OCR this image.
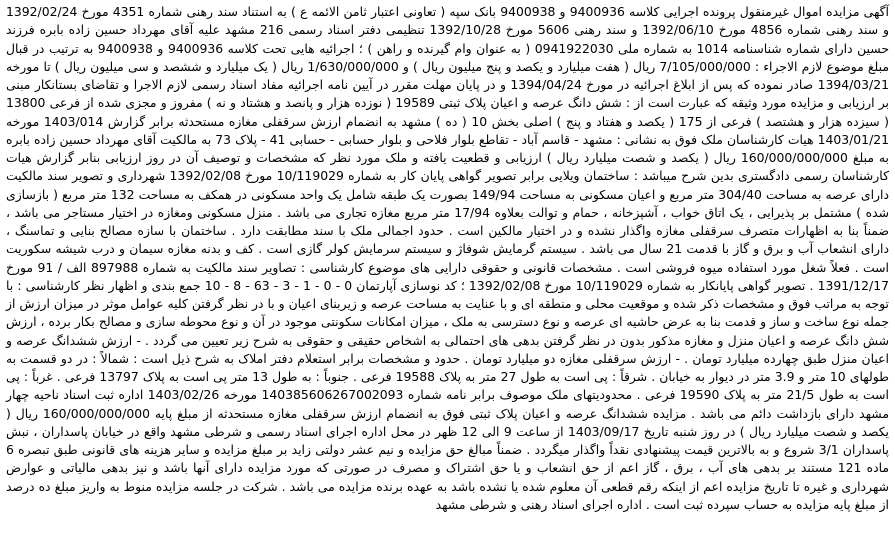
آگهی مزایده اموال غیرمنقول پرونده اجرایی کلاسه 9400936 و 9400938 بانک سپه ( تعاونی اعتبار ثامن الائمه ع ) به استناد سند رهنی شماره 4351 مورخ 1392/02/24 و سند رهنی شماره 4856 مورخ 1392/06/10 و سند رهنی 5606 مورخ 1392/10/28 تنظیمی دفتر اسناد رسمی 216 مشهد علیه آقای مهرداد حسین زاده بابره فرزند حسین دارای شماره شناسنامه 1014 به شماره ملی 0941922030 ( به عنوان وام گیرنده و راهن ) ؛ اجرائیه هایی تحت کلاسه 9400936 و 9400938 به ترتیب در قبال مبلغ موضوع لازم الاجراء : 7/105/000/000 ریال ( هفت میلیارد و یکصد و پنج میلیون ریال ) و 1/630/000/000 ریال ( یک میلیارد و ششصد و سی میلیون ریال ) تا مورخه 1394/03/21 صادر نموده که پس از ابلاغ اجرائیه در مورخ 1394/04/24 و در پایان مهلت مقرر در آیین نامه اجرائیه مفاد اسناد رسمی لازم الاجرا و تقاضای بستانکار مبنی بر ارزیابی و مزایده مورد وثیقه که عبارت است از : شش دانگ عرصه و اعیان پلاک ثبتی 19589 ( نوزده هزار و پانصد و هشتاد و نه ) مفروز و مجزی شده از فرعی 13800 ( سیزده هزار و هشتصد ) فرعی از 175 ( یکصد و هفتاد و پنج ) اصلی بخش 10 ( ده ) مشهد به انضمام ارزش سرقفلی مغازه مستحدثه برابر گزارش 1403/014 مورخه 1403/01/21 هیات کارشناسان ملک فوق به نشانی : مشهد - قاسم آباد - تقاطع بلوار فلاحی و بلوار حسابی - حسابی 41 - پلاک 73 به مالکیت آقای مهرداد حسین زاده بابره به مبلغ 160/000/000/000 ریال ( یکصد و شصت میلیارد ریال ) ارزیابی و قطعیت یافته و ملک مورد نظر که مشخصات و توصیف آن در روز ارزیابی بنابر گزارش هیات کارشناسان رسمی دادگستری بدین شرح میباشد : ساختمان ویلایی برابر تصویر گواهی پایان کار به شماره 10/119029 مورخ 1392/02/08 شهرداری و تصویر سند مالکیت دارای عرصه به مساحت 304/40 متر مربع و اعیان مسکونی به مساحت 149/94 بصورت یک طبقه شامل یک واحد مسکونی در همکف به مساحت 132 متر مربع ( بازسازی شده ) مشتمل بر پذیرایی ، یک اتاق خواب ، آشپزخانه ، حمام و توالت بعلاوه 17/94 متر مربع مغازه تجاری می باشد . منزل مسکونی ومغازه در اختیار مستاجر می باشد ، ضمناً بنا به اظهارات متصرف سرقفلی مغازه واگذار نشده و در اختیار مالکین است . حدود اجمالی ملک با سند مطابقت دارد . ساختمان با سازه مصالح بنایی و تماسنگ ، دارای انشعاب آب و برق و گاز با قدمت 21 سال می باشد . سیستم گرمایش شوفاژ و سیستم سرمایش کولر گازی است . کف و بدنه مغازه سیمان و درب شیشه سکوریت است . فعلاً شغل مورد استفاده میوه فروشی است . مشخصات قانونی و حقوقی دارایی های موضوع کارشناسی : تصاویر سند مالکیت به شماره 897988 الف / 91 مورخ 1391/12/17 . تصویر گواهی پایانکار به شماره 10/119029 مورخ 1392/02/08 ؛ کد نوسازی آپارتمان 0 - 0 - 1 - 3 - 63 - 8 - 10 جمع بندی و اظهار نظر کارشناسی : با توجه به مراتب فوق و مشخصات ذکر شده و موقعیت محلی و منطقه ای و با عنایت به مساحت عرصه و زیربنای اعیان و با در نظر گرفتن کلیه عوامل موثر در میزان ارزش از جمله نوع ساخت و ساز و قدمت بنا به عرض حاشیه ای عرصه و نوع دسترسی به ملک ، میزان امکانات سکونتی موجود در آن و نوع محوطه سازی و مصالح بکار برده ، ارزش شش دانگ عرصه و اعیان منزل و مغازه مذکور بدون در نظر گرفتن بدهی های احتمالی به اشخاص حقیقی و حقوقی به شرح زیر تعیین می گردد . - ارزش ششدانگ عرصه و اعیان منزل طبق چهارده میلیارد تومان . - ارزش سرقفلی مغازه دو میلیارد تومان . حدود و مشخصات برابر استعلام دفتر املاک به شرح ذیل است : شمالاً : در دو قسمت به طولهای 10 متر و 3.9 متر در دیوار به خیابان . شرقاً : پی است به طول 27 متر به پلاک 19588 فرعی . جنوباً : به طول 13 متر پی است به پلاک 13797 فرعی . غرباً : پی است به طول 21/5 متر به پلاک 19590 فرعی . محدودیتهای ملک موصوف برابر نامه شماره 140385606267002093 مورخه 1403/02/26 اداره ثبت اسناد ناحیه چهار مشهد دارای بازداشت دائم می باشد . مزایده ششدانگ عرصه و اعیان پلاک ثبتی فوق به انضمام ارزش سرقفلی مغازه مستحدثه از مبلغ پایه 160/000/000/000 ریال ( یکصد و شصت میلیارد ریال ) در روز شنبه تاریخ 1403/09/17 از ساعت 9 الی 12 ظهر در محل اداره اجرای اسناد رسمی و شرطی مشهد واقع در خیابان پاسداران ، نبش پاسداران 3/1 شروع و به بالاترین قیمت پیشنهادی نقداً واگذار میگردد . ضمناً مبالغ حق مزایده و نیم عشر دولتی زاید بر مبلغ مزایده و سایر هزینه های قانونی طبق تبصره 6 ماده 121 مستند بر بدهی های آب ، برق ، گاز اعم از حق انشعاب و یا حق اشتراک و مصرف در صورتی که مورد مزایده دارای آنها باشد و نیز بدهی مالیاتی و عوارض شهرداری و غیره تا تاریخ مزایده اعم از اینکه رقم قطعی آن معلوم شده یا نشده باشد به عهده برنده مزایده می باشد . شرکت در جلسه مزایده منوط به واریز مبلغ ده درصد از مبلغ پایه مزایده به حساب سپرده ثبت است . اداره اجرای اسناد رهنی و شرطی مشهد
